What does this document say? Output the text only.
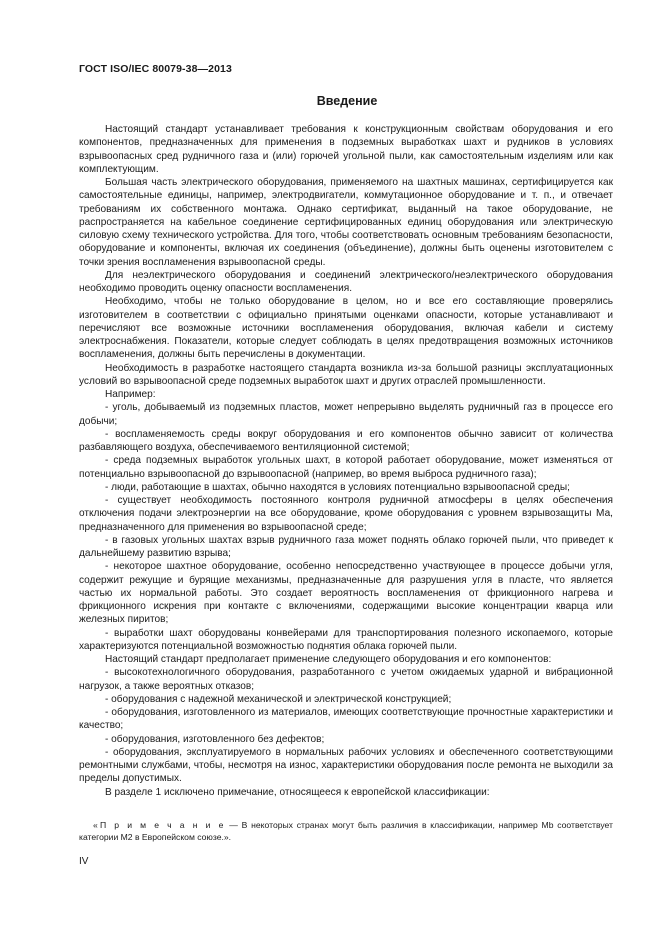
ГОСТ ISO/IEC 80079-38—2013
Введение

Настоящий стандарт устанавливает требования к конструкционным свойствам оборудования и его компонентов, предназначенных для применения в подземных выработках шахт и рудников в условиях взрывоопасных сред рудничного газа и (или) горючей угольной пыли, как самостоятельным изделиям или как комплектующим.

Большая часть электрического оборудования, применяемого на шахтных машинах, сертифицируется как самостоятельные единицы, например, электродвигатели, коммутационное оборудование и т. п., и отвечает требованиям их собственного монтажа. Однако сертификат, выданный на такое оборудование, не распространяется на кабельное соединение сертифицированных единиц оборудования или электрическую силовую схему технического устройства. Для того, чтобы соответствовать основным требованиям безопасности, оборудование и компоненты, включая их соединения (объединение), должны быть оценены изготовителем с точки зрения воспламенения взрывоопасной среды.

Для неэлектрического оборудования и соединений электрического/неэлектрического оборудования необходимо проводить оценку опасности воспламенения.

Необходимо, чтобы не только оборудование в целом, но и все его составляющие проверялись изготовителем в соответствии с официально принятыми оценками опасности, которые устанавливают и перечисляют все возможные источники воспламенения оборудования, включая кабели и систему электроснабжения. Показатели, которые следует соблюдать в целях предотвращения возможных источников воспламенения, должны быть перечислены в документации.

Необходимость в разработке настоящего стандарта возникла из-за большой разницы эксплуатационных условий во взрывоопасной среде подземных выработок шахт и других отраслей промышленности.

Например:

- уголь, добываемый из подземных пластов, может непрерывно выделять рудничный газ в процессе его добычи;

- воспламеняемость среды вокруг оборудования и его компонентов обычно зависит от количества разбавляющего воздуха, обеспечиваемого вентиляционной системой;

- среда подземных выработок угольных шахт, в которой работает оборудование, может изменяться от потенциально взрывоопасной до взрывоопасной (например, во время выброса рудничного газа);

- люди, работающие в шахтах, обычно находятся в условиях потенциально взрывоопасной среды;

- существует необходимость постоянного контроля рудничной атмосферы в целях обеспечения отключения подачи электроэнергии на все оборудование, кроме оборудования с уровнем взрывозащиты Ма, предназначенного для применения во взрывоопасной среде;

- в газовых угольных шахтах взрыв рудничного газа может поднять облако горючей пыли, что приведет к дальнейшему развитию взрыва;

- некоторое шахтное оборудование, особенно непосредственно участвующее в процессе добычи угля, содержит режущие и бурящие механизмы, предназначенные для разрушения угля в пласте, что является частью их нормальной работы. Это создает вероятность воспламенения от фрикционного нагрева и фрикционного искрения при контакте с включениями, содержащими высокие концентрации кварца или железных пиритов;

- выработки шахт оборудованы конвейерами для транспортирования полезного ископаемого, которые характеризуются потенциальной возможностью поднятия облака горючей пыли.

Настоящий стандарт предполагает применение следующего оборудования и его компонентов:

- высокотехнологичного оборудования, разработанного с учетом ожидаемых ударной и вибрационной нагрузок, а также вероятных отказов;

- оборудования с надежной механической и электрической конструкцией;

- оборудования, изготовленного из материалов, имеющих соответствующие прочностные характеристики и качество;

- оборудования, изготовленного без дефектов;

- оборудования, эксплуатируемого в нормальных рабочих условиях и обеспеченного соответствующими ремонтными службами, чтобы, несмотря на износ, характеристики оборудования после ремонта не выходили за пределы допустимых.

В разделе 1 исключено примечание, относящееся к европейской классификации:

«П р и м е ч а н и е — В некоторых странах могут быть различия в классификации, например Mb соответствует категории М2 в Европейском союзе.».

IV
